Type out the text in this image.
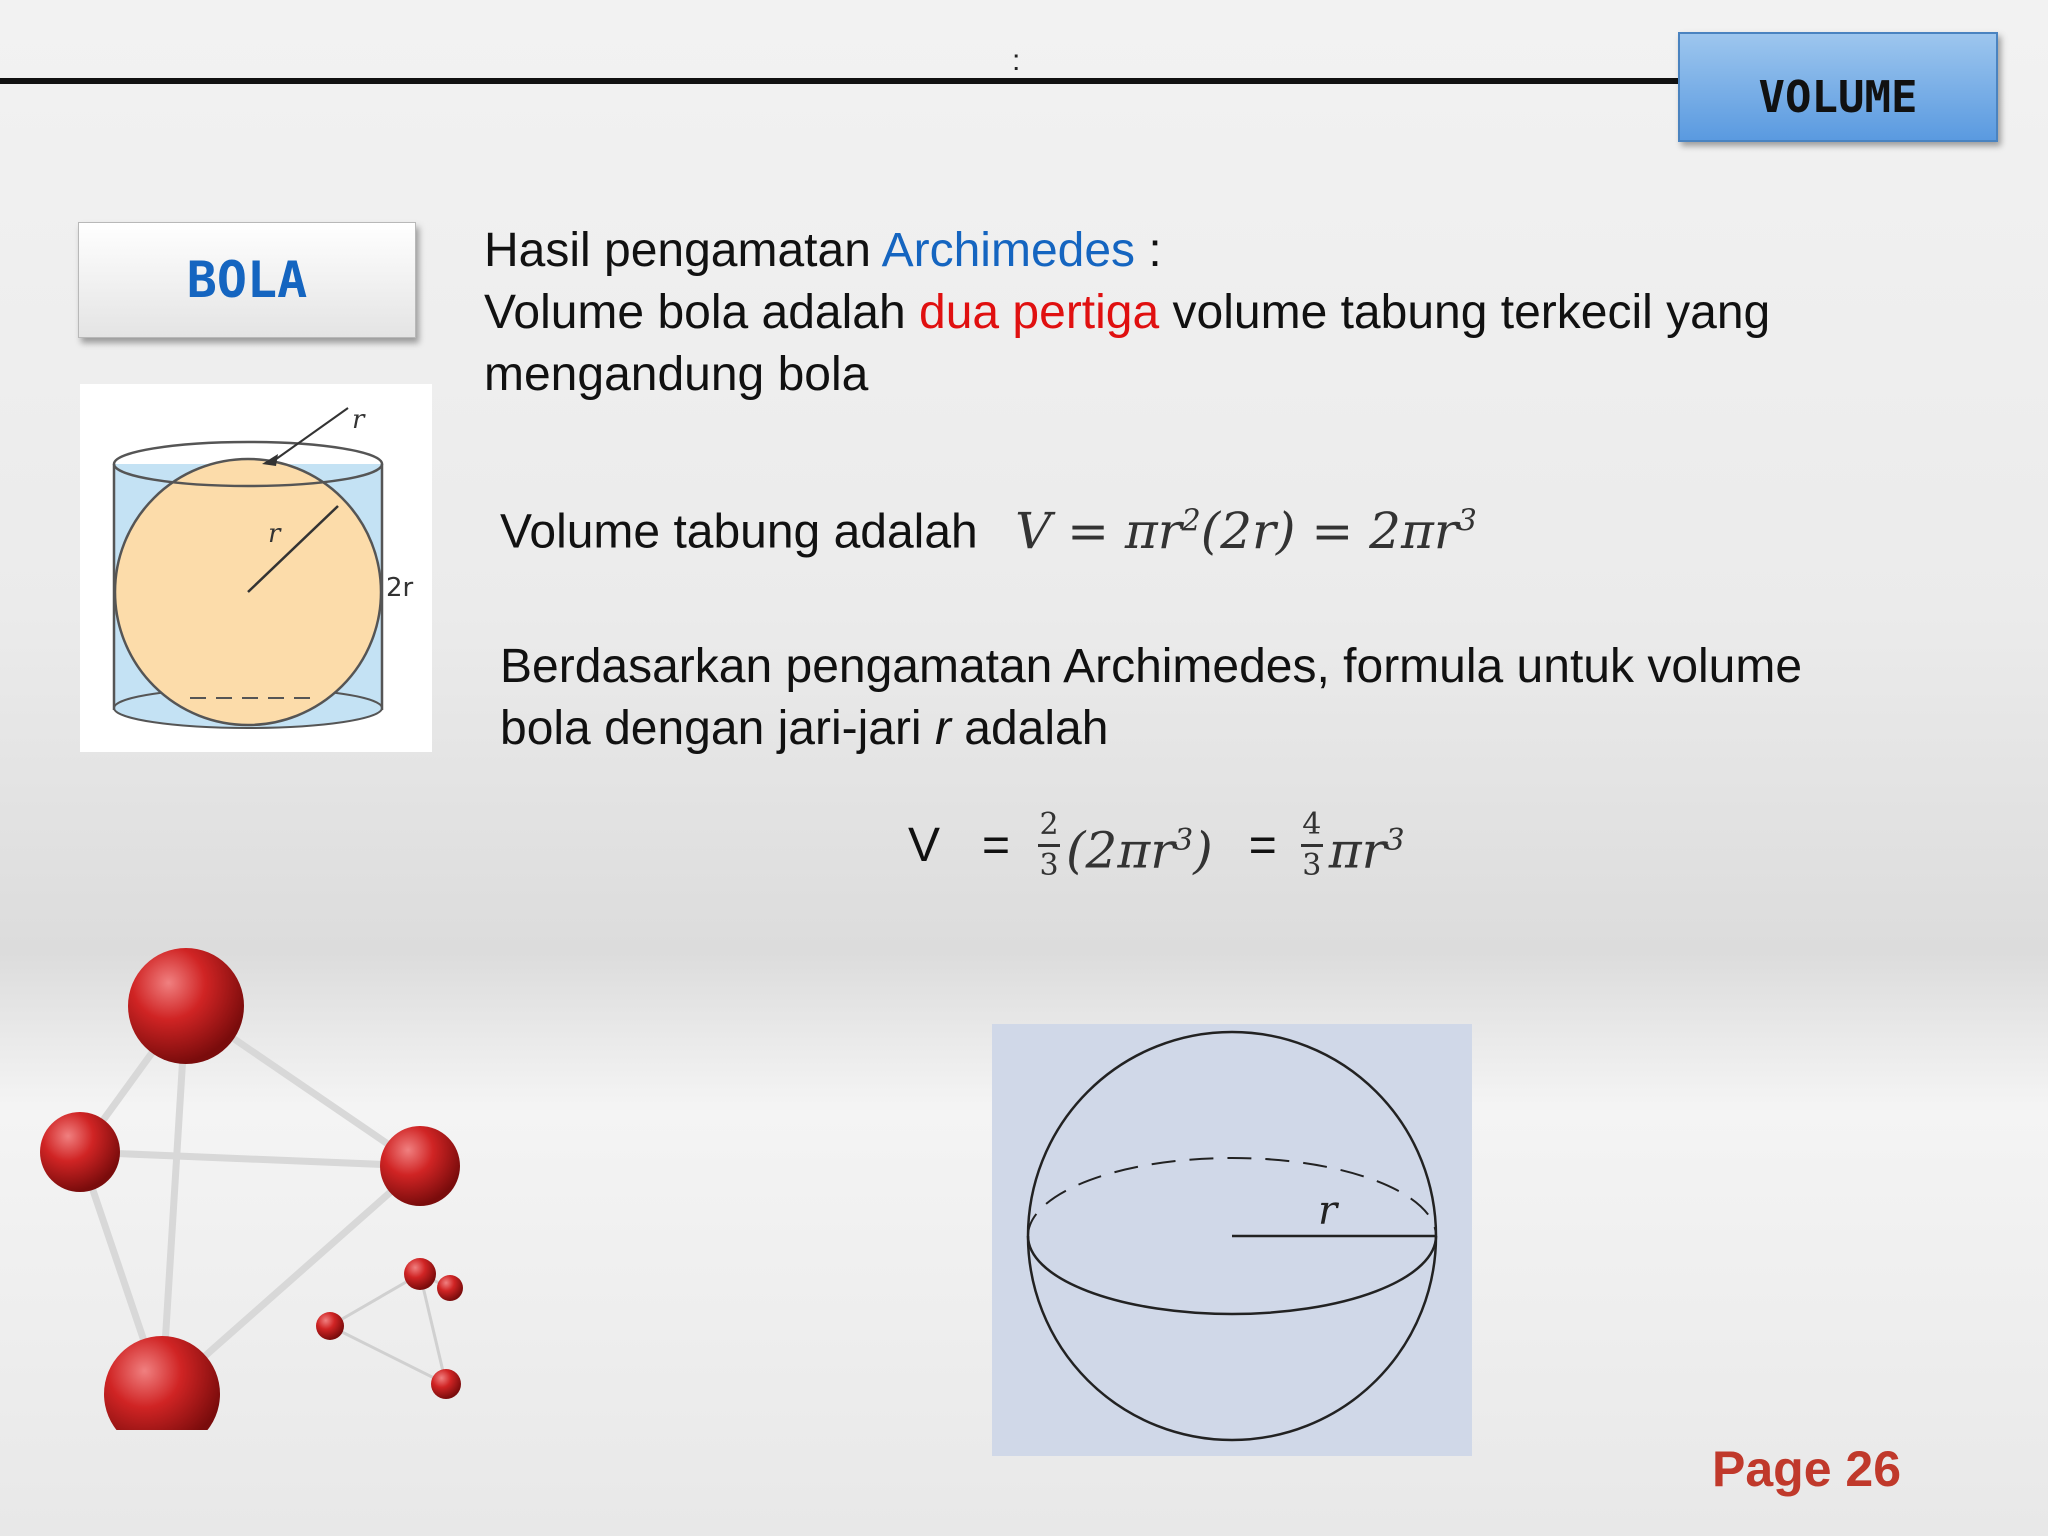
:
VOLUME
BOLA
r
r
2r
Hasil pengamatan Archimedes :
Volume bola adalah dua pertiga volume tabung terkecil yang
mengandung bola
Volume tabung adalah $V = \pi r^2(2r) = 2\pi r^3$
Berdasarkan pengamatan Archimedes, formula untuk volume
bola dengan jari-jari r adalah
$V = \frac{2}{3} (2\pi r^3) = \frac{4}{3} \pi r^3$
r
Page 26
